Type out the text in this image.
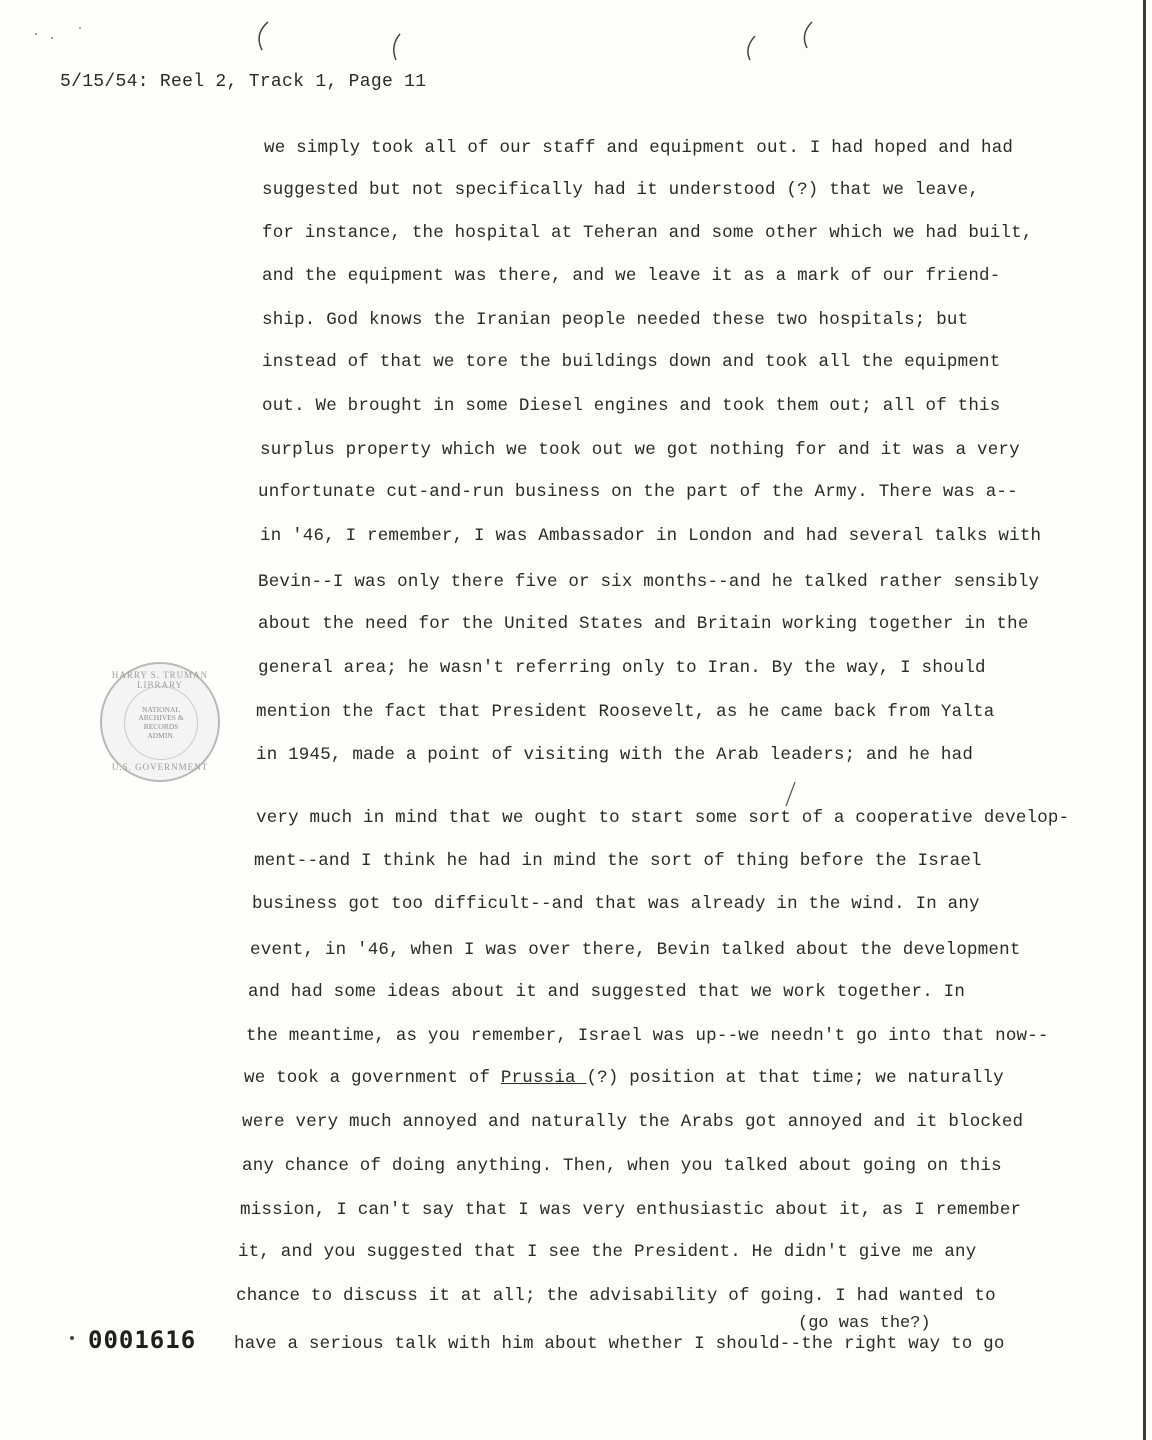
5/15/54: Reel 2, Track 1, Page 11
we simply took all of our staff and equipment out. I had hoped and had
suggested but not specifically had it understood (?) that we leave,
for instance, the hospital at Teheran and some other which we had built,
and the equipment was there, and we leave it as a mark of our friend-
ship. God knows the Iranian people needed these two hospitals; but
instead of that we tore the buildings down and took all the equipment
out. We brought in some Diesel engines and took them out; all of this
surplus property which we took out we got nothing for and it was a very
unfortunate cut-and-run business on the part of the Army. There was a--
in '46, I remember, I was Ambassador in London and had several talks with
Bevin--I was only there five or six months--and he talked rather sensibly
about the need for the United States and Britain working together in the
general area; he wasn't referring only to Iran. By the way, I should
mention the fact that President Roosevelt, as he came back from Yalta
in 1945, made a point of visiting with the Arab leaders; and he had
very much in mind that we ought to start some sort of a cooperative develop-
ment--and I think he had in mind the sort of thing before the Israel
business got too difficult--and that was already in the wind. In any
event, in '46, when I was over there, Bevin talked about the development
and had some ideas about it and suggested that we work together. In
the meantime, as you remember, Israel was up--we needn't go into that now--
we took a government of Prussia (?) position at that time; we naturally
were very much annoyed and naturally the Arabs got annoyed and it blocked
any chance of doing anything. Then, when you talked about going on this
mission, I can't say that I was very enthusiastic about it, as I remember
it, and you suggested that I see the President. He didn't give me any
chance to discuss it at all; the advisability of going. I had wanted to
have a serious talk with him about whether I should--the right way to go
(go was the?)
HARRY S. TRUMAN LIBRARY
NATIONAL
ARCHIVES &
RECORDS
ADMIN.
U.S. GOVERNMENT
0001616
